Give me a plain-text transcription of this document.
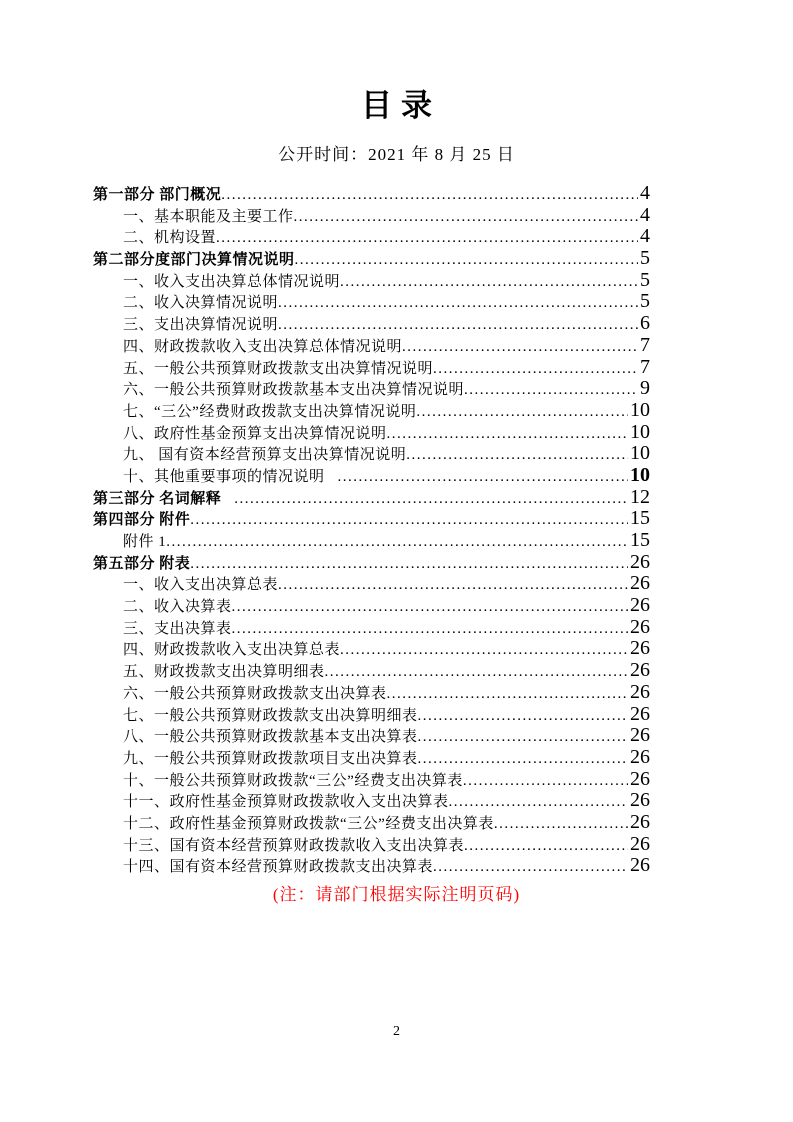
目录
公开时间：2021 年 8 月 25 日
第一部分 部门概况 .....	4
一、基本职能及主要工作 .....	4
二、机构设置 .....	4
第二部分度部门决算情况说明 .....	5
一、收入支出决算总体情况说明 .....	5
二、收入决算情况说明 .....	5
三、支出决算情况说明 .....	6
四、财政拨款收入支出决算总体情况说明 .....	7
五、一般公共预算财政拨款支出决算情况说明 .....	7
六、一般公共预算财政拨款基本支出决算情况说明 .....	9
七、“三公”经费财政拨款支出决算情况说明 .....	10
八、政府性基金预算支出决算情况说明 .....	10
九、 国有资本经营预算支出决算情况说明 .....	10
十、其他重要事项的情况说明 .....	10
第三部分 名词解释 .....	12
第四部分 附件 .....	15
附件 1 .....	15
第五部分 附表 .....	26
一、收入支出决算总表 .....	26
二、收入决算表 .....	26
三、支出决算表 .....	26
四、财政拨款收入支出决算总表 .....	26
五、财政拨款支出决算明细表 .....	26
六、一般公共预算财政拨款支出决算表 .....	26
七、一般公共预算财政拨款支出决算明细表 .....	26
八、一般公共预算财政拨款基本支出决算表 .....	26
九、一般公共预算财政拨款项目支出决算表 .....	26
十、一般公共预算财政拨款“三公”经费支出决算表 .....	26
十一、政府性基金预算财政拨款收入支出决算表 .....	26
十二、政府性基金预算财政拨款“三公”经费支出决算表 .....	26
十三、国有资本经营预算财政拨款收入支出决算表 .....	26
十四、国有资本经营预算财政拨款支出决算表 .....	26
(注：请部门根据实际注明页码)
2
